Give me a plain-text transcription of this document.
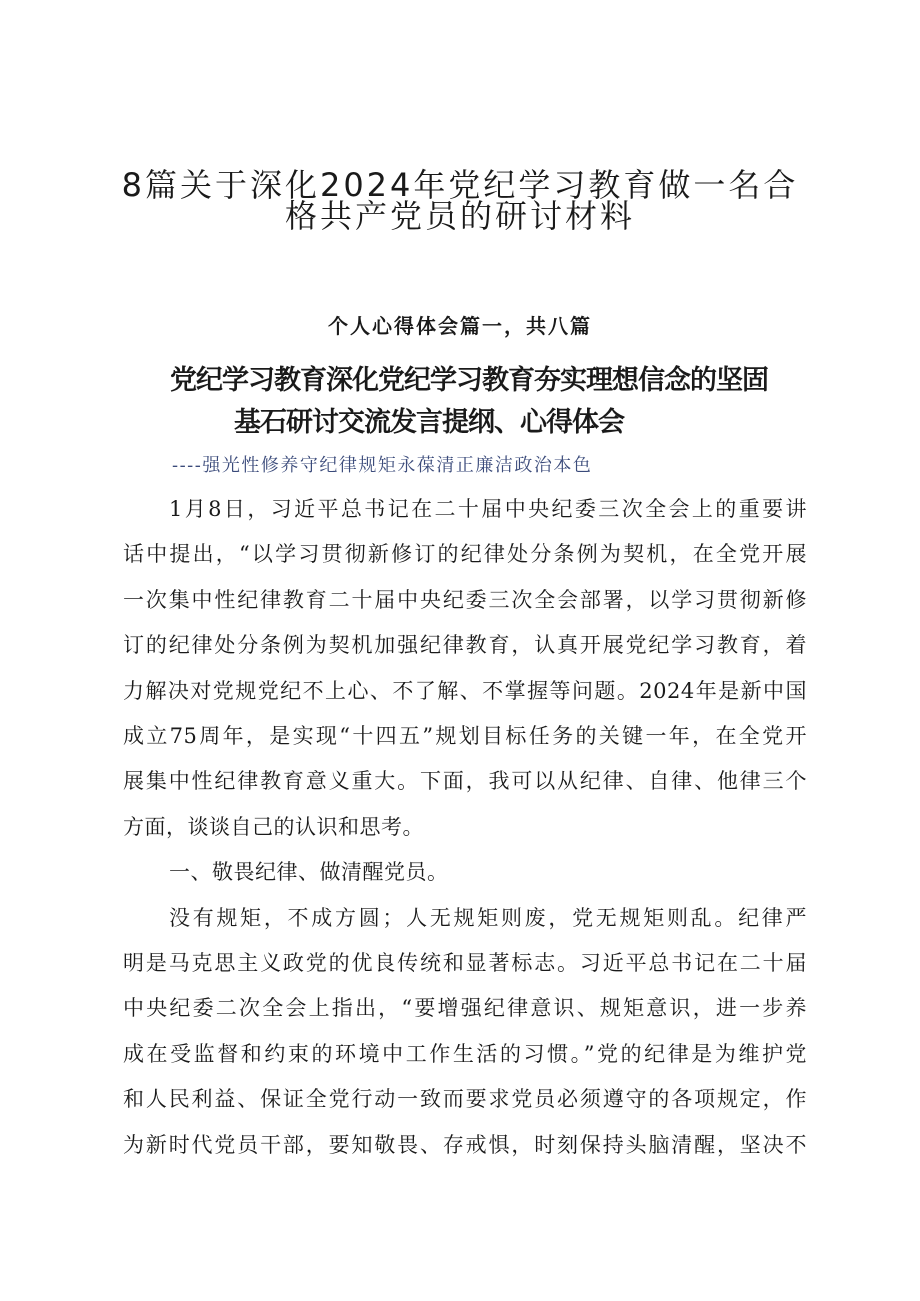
8篇关于深化2024年党纪学习教育做一名合
格共产党员的研讨材料
个人心得体会篇一，共八篇
党纪学习教育深化党纪学习教育夯实理想信念的坚固
基石研讨交流发言提纲、心得体会
----强光性修养守纪律规矩永葆清正廉洁政治本色
1月8日，习近平总书记在二十届中央纪委三次全会上的重要讲
话中提出，“以学习贯彻新修订的纪律处分条例为契机，在全党开展
一次集中性纪律教育二十届中央纪委三次全会部署，以学习贯彻新修
订的纪律处分条例为契机加强纪律教育，认真开展党纪学习教育，着
力解决对党规党纪不上心、不了解、不掌握等问题。2024年是新中国
成立75周年，是实现“十四五”规划目标任务的关键一年，在全党开
展集中性纪律教育意义重大。下面，我可以从纪律、自律、他律三个
方面，谈谈自己的认识和思考。
一、敬畏纪律、做清醒党员。
没有规矩，不成方圆；人无规矩则废，党无规矩则乱。纪律严
明是马克思主义政党的优良传统和显著标志。习近平总书记在二十届
中央纪委二次全会上指出，“要增强纪律意识、规矩意识，进一步养
成在受监督和约束的环境中工作生活的习惯。”党的纪律是为维护党
和人民利益、保证全党行动一致而要求党员必须遵守的各项规定，作
为新时代党员干部，要知敬畏、存戒惧，时刻保持头脑清醒，坚决不
